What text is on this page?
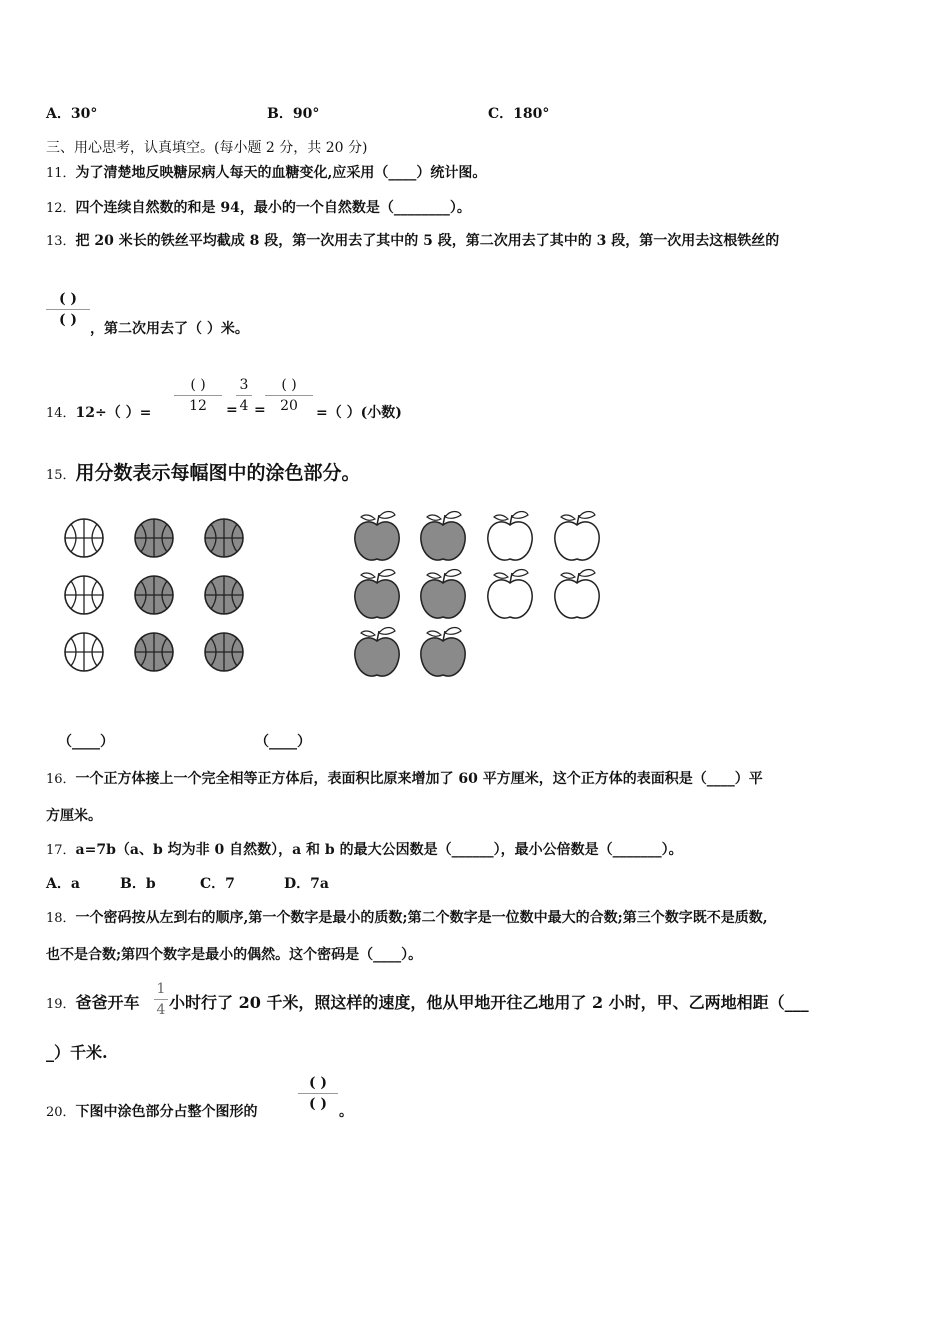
A．30°	B．90°	C．180°
三、用心思考，认真填空。(每小题 2 分，共 20 分)
11．为了清楚地反映糖尿病人每天的血糖变化,应采用（____）统计图。
12．四个连续自然数的和是 94，最小的一个自然数是（________）。
13．把 20 米长的铁丝平均截成 8 段，第一次用去了其中的 5 段，第二次用去了其中的 3 段，第一次用去这根铁丝的
( )
( )
，第二次用去了（ ）米。
14．12÷（ ）=
( )
12	=
3
4 =
( )
20	=（ ）(小数)
15．用分数表示每幅图中的涂色部分。
（____）	（____）
16．一个正方体接上一个完全相等正方体后，表面积比原来增加了 60 平方厘米，这个正方体的表面积是（____）平
方厘米。
17．a=7b（a、b 均为非 0 自然数），a 和 b 的最大公因数是（______），最小公倍数是（_______）。
A．a	B．b	C．7	D．7a
18．一个密码按从左到右的顺序,第一个数字是最小的质数;第二个数字是一位数中最大的合数;第三个数字既不是质数,
也不是合数;第四个数字是最小的偶然。这个密码是（____）。
19．爸爸开车
1
4 小时行了 20 千米，照这样的速度，他从甲地开往乙地用了 2 小时，甲、乙两地相距（___
_）千米.
20．下图中涂色部分占整个图形的
( )
( ) 。
